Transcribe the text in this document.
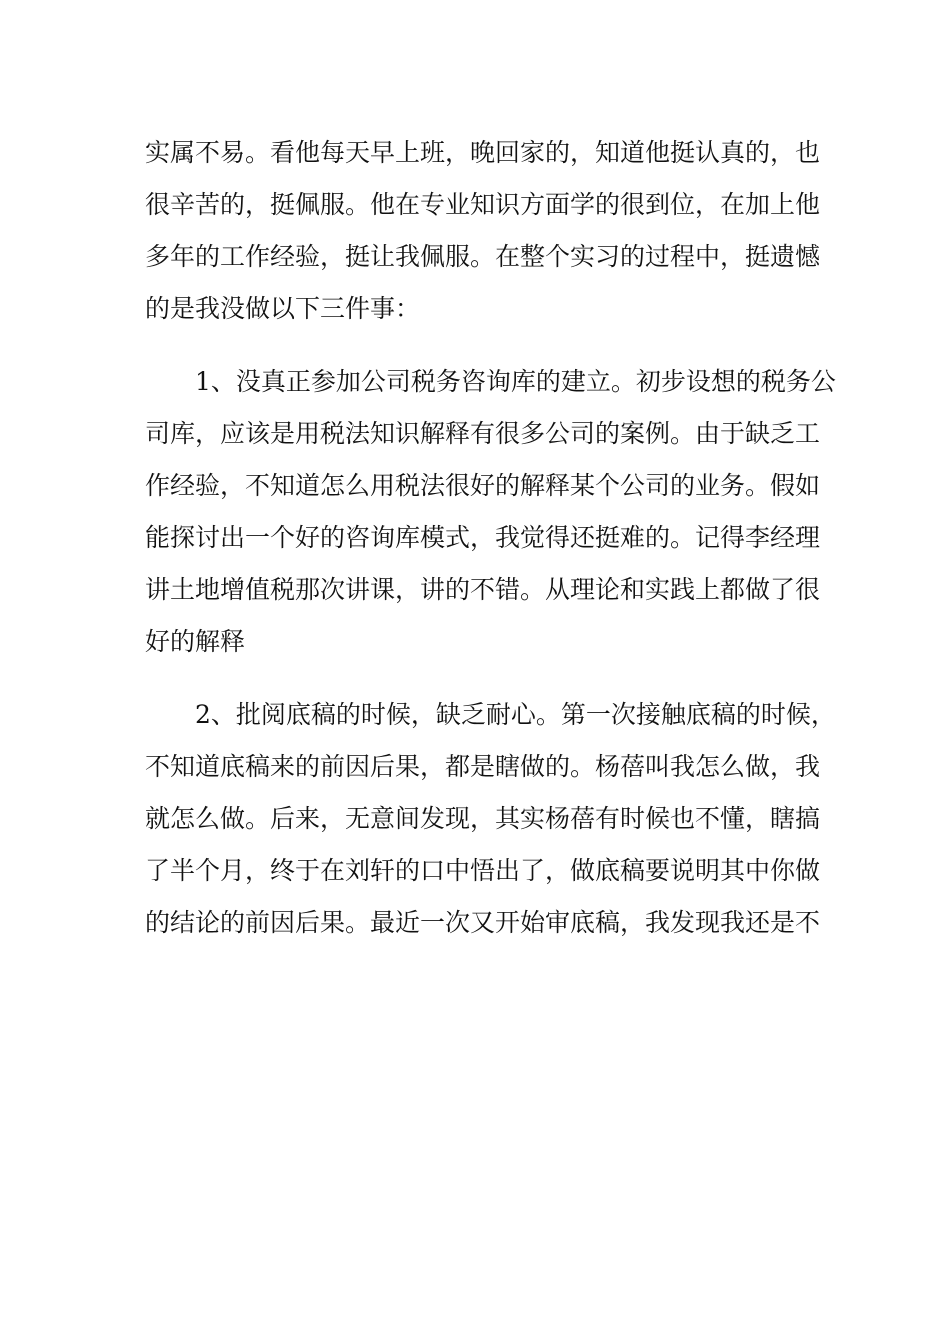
实属不易。看他每天早上班，晚回家的，知道他挺认真的，也
很辛苦的，挺佩服。他在专业知识方面学的很到位，在加上他
多年的工作经验，挺让我佩服。在整个实习的过程中，挺遗憾
的是我没做以下三件事：
　　1、没真正参加公司税务咨询库的建立。初步设想的税务公
司库，应该是用税法知识解释有很多公司的案例。由于缺乏工
作经验，不知道怎么用税法很好的解释某个公司的业务。假如
能探讨出一个好的咨询库模式，我觉得还挺难的。记得李经理
讲土地增值税那次讲课，讲的不错。从理论和实践上都做了很
好的解释
　　2、批阅底稿的时候，缺乏耐心。第一次接触底稿的时候，
不知道底稿来的前因后果，都是瞎做的。杨蓓叫我怎么做，我
就怎么做。后来，无意间发现，其实杨蓓有时候也不懂，瞎搞
了半个月，终于在刘轩的口中悟出了，做底稿要说明其中你做
的结论的前因后果。最近一次又开始审底稿，我发现我还是不
